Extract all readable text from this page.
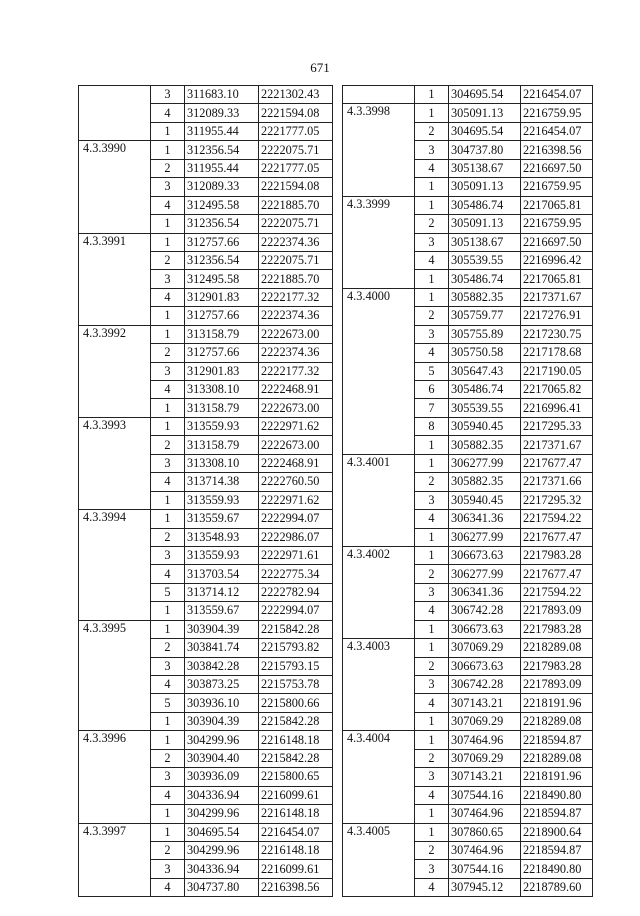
671
	3	311683.10	2221302.43
	4	312089.33	2221594.08
	1	311955.44	2221777.05
4.3.3990	1	312356.54	2222075.71
	2	311955.44	2221777.05
	3	312089.33	2221594.08
	4	312495.58	2221885.70
	1	312356.54	2222075.71
4.3.3991	1	312757.66	2222374.36
	2	312356.54	2222075.71
	3	312495.58	2221885.70
	4	312901.83	2222177.32
	1	312757.66	2222374.36
4.3.3992	1	313158.79	2222673.00
	2	312757.66	2222374.36
	3	312901.83	2222177.32
	4	313308.10	2222468.91
	1	313158.79	2222673.00
4.3.3993	1	313559.93	2222971.62
	2	313158.79	2222673.00
	3	313308.10	2222468.91
	4	313714.38	2222760.50
	1	313559.93	2222971.62
4.3.3994	1	313559.67	2222994.07
	2	313548.93	2222986.07
	3	313559.93	2222971.61
	4	313703.54	2222775.34
	5	313714.12	2222782.94
	1	313559.67	2222994.07
4.3.3995	1	303904.39	2215842.28
	2	303841.74	2215793.82
	3	303842.28	2215793.15
	4	303873.25	2215753.78
	5	303936.10	2215800.66
	1	303904.39	2215842.28
4.3.3996	1	304299.96	2216148.18
	2	303904.40	2215842.28
	3	303936.09	2215800.65
	4	304336.94	2216099.61
	1	304299.96	2216148.18
4.3.3997	1	304695.54	2216454.07
	2	304299.96	2216148.18
	3	304336.94	2216099.61
	4	304737.80	2216398.56
	1	304695.54	2216454.07
4.3.3998	1	305091.13	2216759.95
	2	304695.54	2216454.07
	3	304737.80	2216398.56
	4	305138.67	2216697.50
	1	305091.13	2216759.95
4.3.3999	1	305486.74	2217065.81
	2	305091.13	2216759.95
	3	305138.67	2216697.50
	4	305539.55	2216996.42
	1	305486.74	2217065.81
4.3.4000	1	305882.35	2217371.67
	2	305759.77	2217276.91
	3	305755.89	2217230.75
	4	305750.58	2217178.68
	5	305647.43	2217190.05
	6	305486.74	2217065.82
	7	305539.55	2216996.41
	8	305940.45	2217295.33
	1	305882.35	2217371.67
4.3.4001	1	306277.99	2217677.47
	2	305882.35	2217371.66
	3	305940.45	2217295.32
	4	306341.36	2217594.22
	1	306277.99	2217677.47
4.3.4002	1	306673.63	2217983.28
	2	306277.99	2217677.47
	3	306341.36	2217594.22
	4	306742.28	2217893.09
	1	306673.63	2217983.28
4.3.4003	1	307069.29	2218289.08
	2	306673.63	2217983.28
	3	306742.28	2217893.09
	4	307143.21	2218191.96
	1	307069.29	2218289.08
4.3.4004	1	307464.96	2218594.87
	2	307069.29	2218289.08
	3	307143.21	2218191.96
	4	307544.16	2218490.80
	1	307464.96	2218594.87
4.3.4005	1	307860.65	2218900.64
	2	307464.96	2218594.87
	3	307544.16	2218490.80
	4	307945.12	2218789.60
